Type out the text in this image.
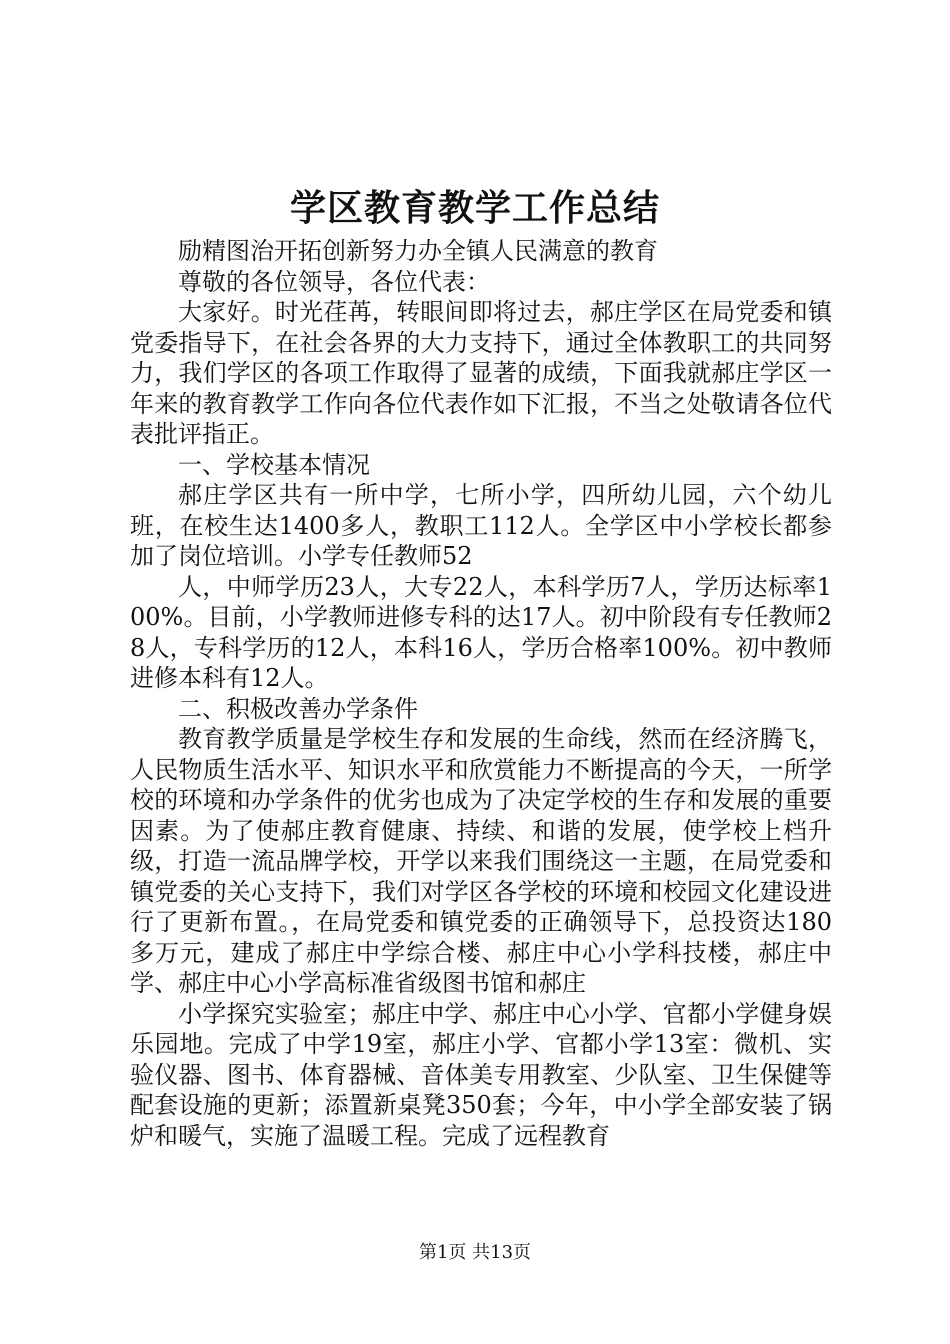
学区教育教学工作总结

励精图治开拓创新努力办全镇人民满意的教育

尊敬的各位领导，各位代表：

大家好。时光荏苒，转眼间即将过去，郝庄学区在局党委和镇党委指导下，在社会各界的大力支持下，通过全体教职工的共同努力，我们学区的各项工作取得了显著的成绩，下面我就郝庄学区一年来的教育教学工作向各位代表作如下汇报，不当之处敬请各位代表批评指正。

一、学校基本情况

郝庄学区共有一所中学，七所小学，四所幼儿园，六个幼儿班，在校生达1400多人，教职工112人。全学区中小学校长都参加了岗位培训。小学专任教师52

人，中师学历23人，大专22人，本科学历7人，学历达标率100%。目前，小学教师进修专科的达17人。初中阶段有专任教师28人，专科学历的12人，本科16人，学历合格率100%。初中教师进修本科有12人。

二、积极改善办学条件

教育教学质量是学校生存和发展的生命线，然而在经济腾飞，人民物质生活水平、知识水平和欣赏能力不断提高的今天，一所学校的环境和办学条件的优劣也成为了决定学校的生存和发展的重要因素。为了使郝庄教育健康、持续、和谐的发展，使学校上档升级，打造一流品牌学校，开学以来我们围绕这一主题，在局党委和镇党委的关心支持下，我们对学区各学校的环境和校园文化建设进行了更新布置。，在局党委和镇党委的正确领导下，总投资达180多万元，建成了郝庄中学综合楼、郝庄中心小学科技楼，郝庄中学、郝庄中心小学高标准省级图书馆和郝庄

小学探究实验室；郝庄中学、郝庄中心小学、官都小学健身娱乐园地。完成了中学19室，郝庄小学、官都小学13室：微机、实验仪器、图书、体育器械、音体美专用教室、少队室、卫生保健等配套设施的更新；添置新桌凳350套；今年，中小学全部安装了锅炉和暖气，实施了温暖工程。完成了远程教育

第1页 共13页
